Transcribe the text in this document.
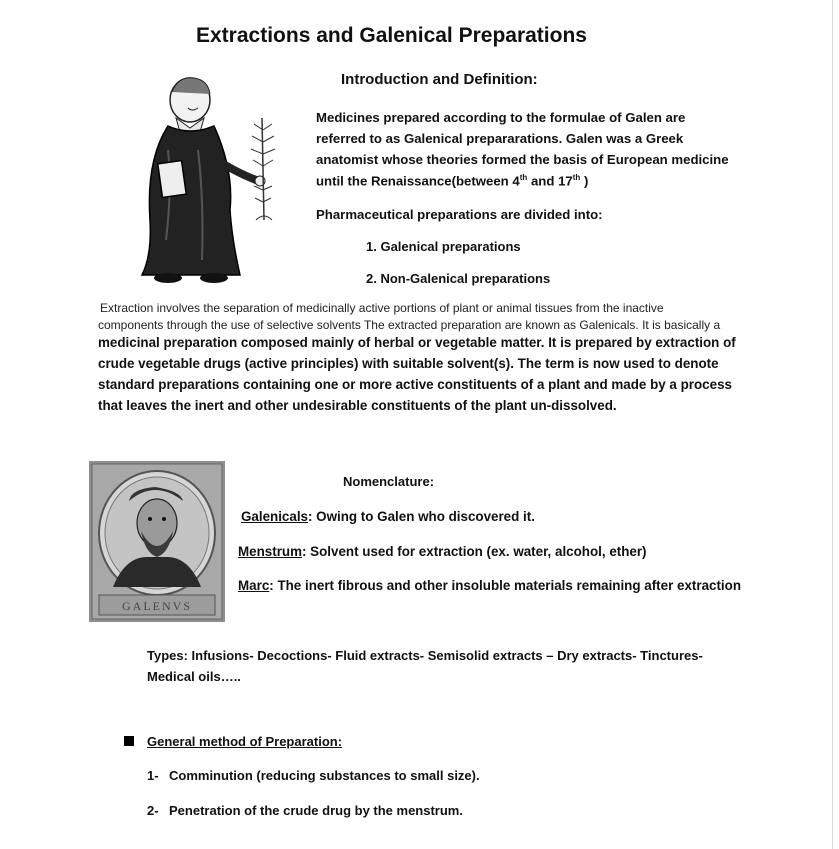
Extractions and Galenical Preparations
Introduction and Definition:
Medicines prepared according to the formulae of Galen are
referred to as Galenical prepararations. Galen was a Greek
anatomist whose theories formed the basis of European medicine
until the Renaissance(between 4th and 17th )
Pharmaceutical preparations are divided into:
1. Galenical preparations
2. Non-Galenical preparations
Extraction involves the separation of medicinally active portions of plant or animal tissues from the inactive
components through the use of selective solvents The extracted preparation are known as Galenicals. It is basically a
medicinal preparation composed mainly of herbal or vegetable matter. It is prepared by extraction of
crude vegetable drugs (active principles) with suitable solvent(s). The term is now used to denote
standard preparations containing one or more active constituents of a plant and made by a process
that leaves the inert and other undesirable constituents of the plant un-dissolved.
GALENVS
Nomenclature:
Galenicals: Owing to Galen who discovered it.
Menstrum: Solvent used for extraction (ex. water, alcohol, ether)
Marc: The inert fibrous and other insoluble materials remaining after extraction
Types: Infusions- Decoctions- Fluid extracts- Semisolid extracts – Dry extracts- Tinctures-
Medical oils…..
General method of Preparation:
1- Comminution (reducing substances to small size).
2- Penetration of the crude drug by the menstrum.
